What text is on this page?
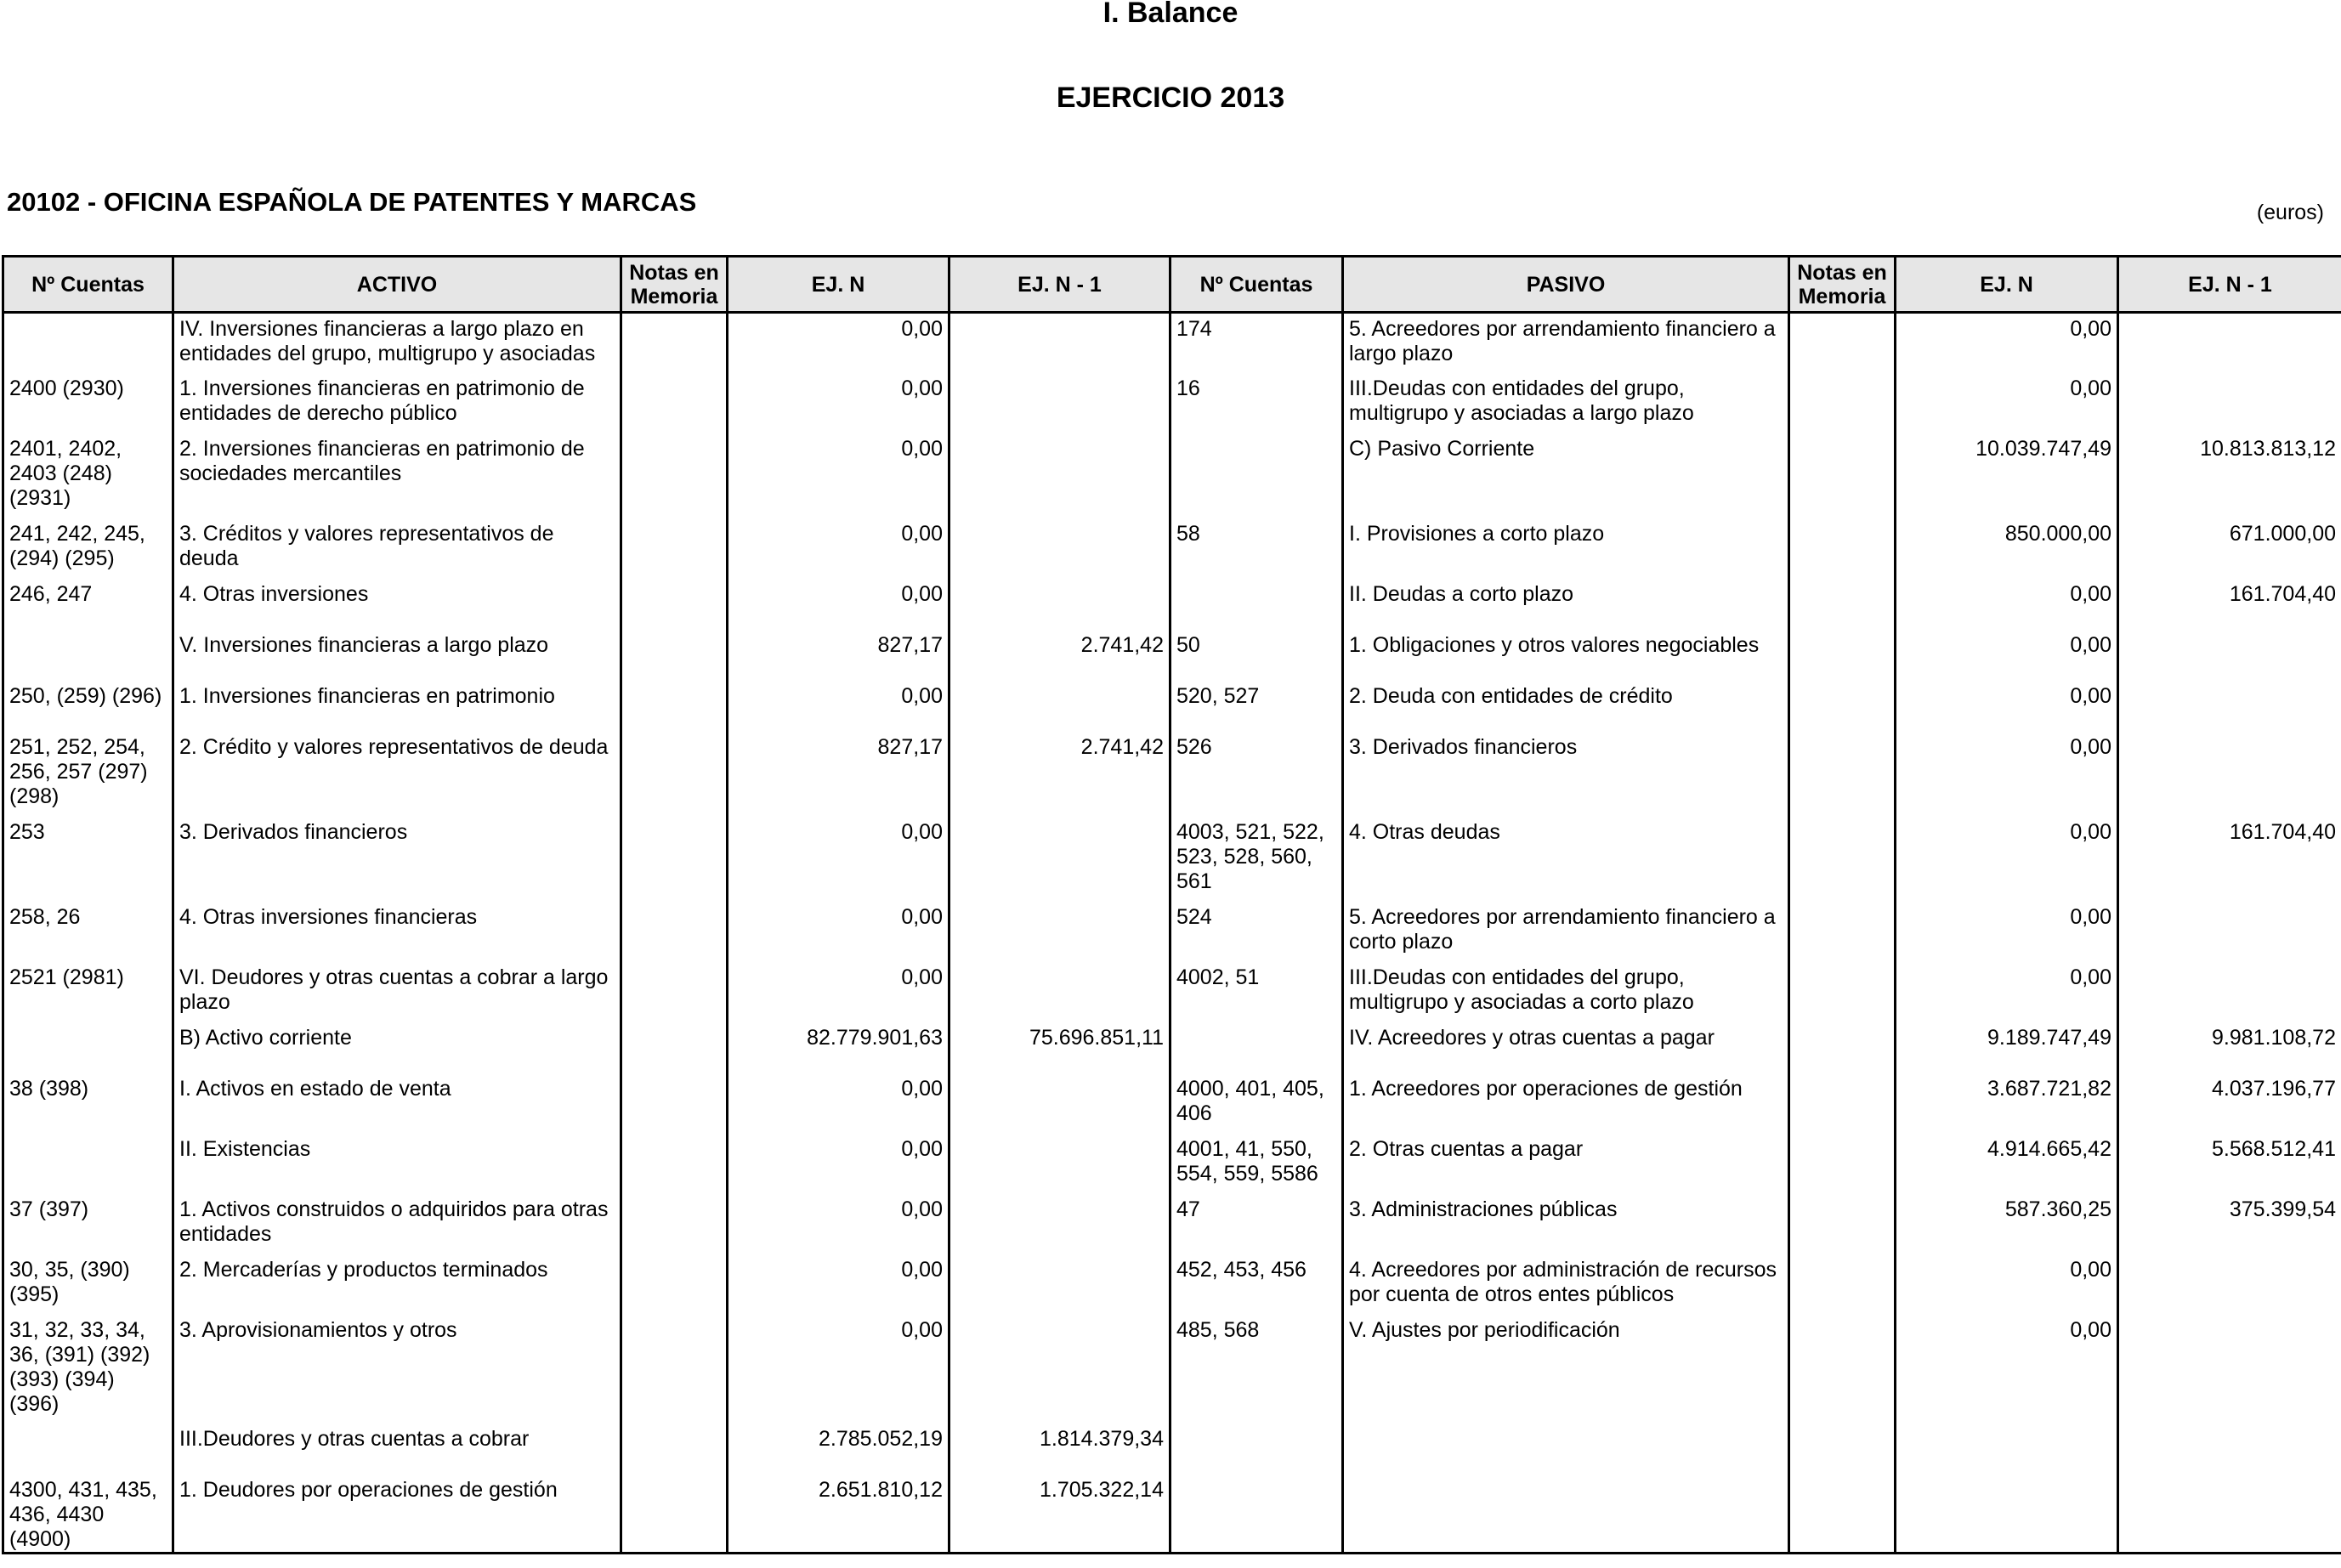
I. Balance
EJERCICIO 2013
20102 - OFICINA ESPAÑOLA DE PATENTES Y MARCAS	(euros)
Nº Cuentas	ACTIVO	Notas en Memoria	EJ. N	EJ. N - 1	Nº Cuentas	PASIVO	Notas en Memoria	EJ. N	EJ. N - 1
	IV. Inversiones financieras a largo plazo en entidades del grupo, multigrupo y asociadas		0,00		174	5. Acreedores por arrendamiento financiero a largo plazo		0,00	
2400 (2930)	1. Inversiones financieras en patrimonio de entidades de derecho público		0,00		16	III.Deudas con entidades del grupo, multigrupo y asociadas a largo plazo		0,00	
2401, 2402, 2403 (248) (2931)	2. Inversiones financieras en patrimonio de sociedades mercantiles		0,00			C) Pasivo Corriente		10.039.747,49	10.813.813,12
241, 242, 245, (294) (295)	3. Créditos y valores representativos de deuda		0,00		58	I. Provisiones a corto plazo		850.000,00	671.000,00
246, 247	4. Otras inversiones		0,00			II. Deudas a corto plazo		0,00	161.704,40
	V. Inversiones financieras a largo plazo		827,17	2.741,42	50	1. Obligaciones y otros valores negociables		0,00	
250, (259) (296)	1. Inversiones financieras en patrimonio		0,00		520, 527	2. Deuda con entidades de crédito		0,00	
251, 252, 254, 256, 257 (297) (298)	2. Crédito y valores representativos de deuda		827,17	2.741,42	526	3. Derivados financieros		0,00	
253	3. Derivados financieros		0,00		4003, 521, 522, 523, 528, 560, 561	4. Otras deudas		0,00	161.704,40
258, 26	4. Otras inversiones financieras		0,00		524	5. Acreedores por arrendamiento financiero a corto plazo		0,00	
2521 (2981)	VI. Deudores y otras cuentas a cobrar a largo plazo		0,00		4002, 51	III.Deudas con entidades del grupo, multigrupo y asociadas a corto plazo		0,00	
	B) Activo corriente		82.779.901,63	75.696.851,11		IV. Acreedores y otras cuentas a pagar		9.189.747,49	9.981.108,72
38 (398)	I. Activos en estado de venta		0,00		4000, 401, 405, 406	1. Acreedores por operaciones de gestión		3.687.721,82	4.037.196,77
	II. Existencias		0,00		4001, 41, 550, 554, 559, 5586	2. Otras cuentas a pagar		4.914.665,42	5.568.512,41
37 (397)	1. Activos construidos o adquiridos para otras entidades		0,00		47	3. Administraciones públicas		587.360,25	375.399,54
30, 35, (390) (395)	2. Mercaderías y productos terminados		0,00		452, 453, 456	4. Acreedores por administración de recursos por cuenta de otros entes públicos		0,00	
31, 32, 33, 34, 36, (391) (392) (393) (394) (396)	3. Aprovisionamientos y otros		0,00		485, 568	V. Ajustes por periodificación		0,00	
	III.Deudores y otras cuentas a cobrar		2.785.052,19	1.814.379,34					
4300, 431, 435, 436, 4430 (4900)	1. Deudores por operaciones de gestión		2.651.810,12	1.705.322,14					
